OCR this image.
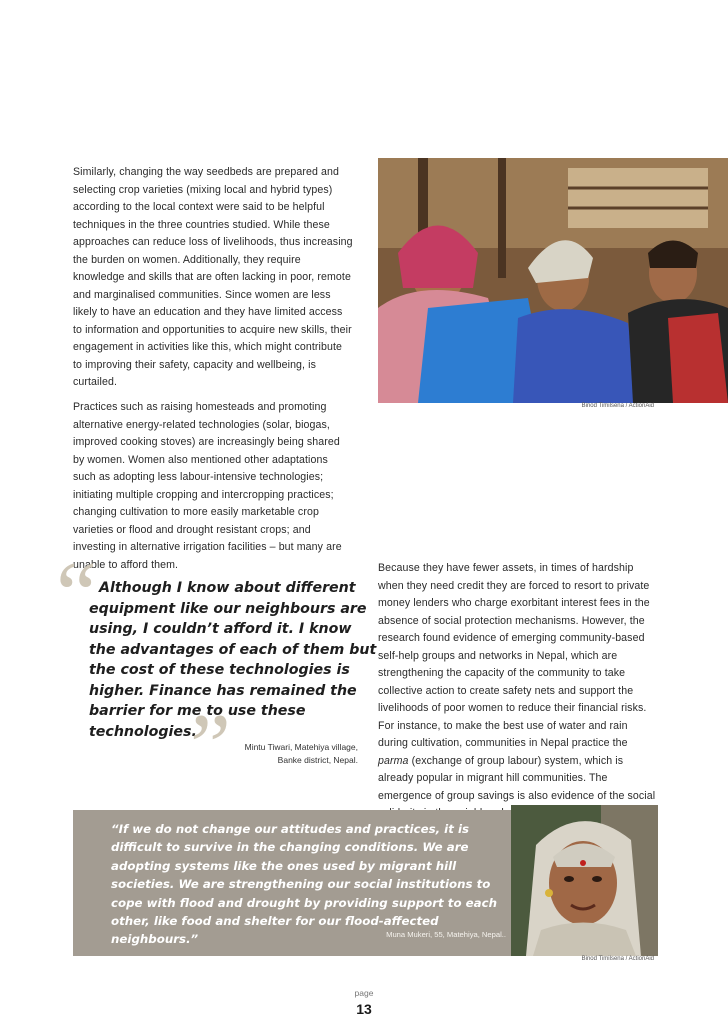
Similarly, changing the way seedbeds are prepared and selecting crop varieties (mixing local and hybrid types) according to the local context were said to be helpful techniques in the three countries studied. While these approaches can reduce loss of livelihoods, thus increasing the burden on women. Additionally, they require knowledge and skills that are often lacking in poor, remote and marginalised communities. Since women are less likely to have an education and they have limited access to information and opportunities to acquire new skills, their engagement in activities like this, which might contribute to improving their safety, capacity and wellbeing, is curtailed.

Practices such as raising homesteads and promoting alternative energy-related technologies (solar, biogas, improved cooking stoves) are increasingly being shared by women. Women also mentioned other adaptations such as adopting less labour-intensive technologies; initiating multiple cropping and intercropping practices; changing cultivation to more easily marketable crop varieties or flood and drought resistant crops; and investing in alternative irrigation facilities – but many are unable to afford them.

Binod Timilsena / ActionAid
“ Although I know about different equipment like our neighbours are using, I couldn’t afford it. I know the advantages of each of them but the cost of these technologies is higher. Finance has remained the barrier for me to use these technologies.
”	Mintu Tiwari, Matehiya village,
Banke district, Nepal.

Because they have fewer assets, in times of hardship when they need credit they are forced to resort to private money lenders who charge exorbitant interest fees in the absence of social protection mechanisms. However, the research found evidence of emerging community-based self-help groups and networks in Nepal, which are strengthening the capacity of the community to take collective action to create safety nets and support the livelihoods of poor women to reduce their financial risks. For instance, to make the best use of water and rain during cultivation, communities in Nepal practice the parma (exchange of group labour) system, which is already popular in migrant hill communities. The emergence of group savings is also evidence of the social

“If we do not change our attitudes and practices, it is difficult to survive in the changing conditions. We are adopting systems like the ones used by migrant hill societies. We are strengthening our social institutions to cope with flood and drought by providing support to each other, like food and shelter for our flood-affected neighbours.”	Muna Mukeri, 55, Matehiya, Nepal..
Binod Timilsena / ActionAid
page
13
